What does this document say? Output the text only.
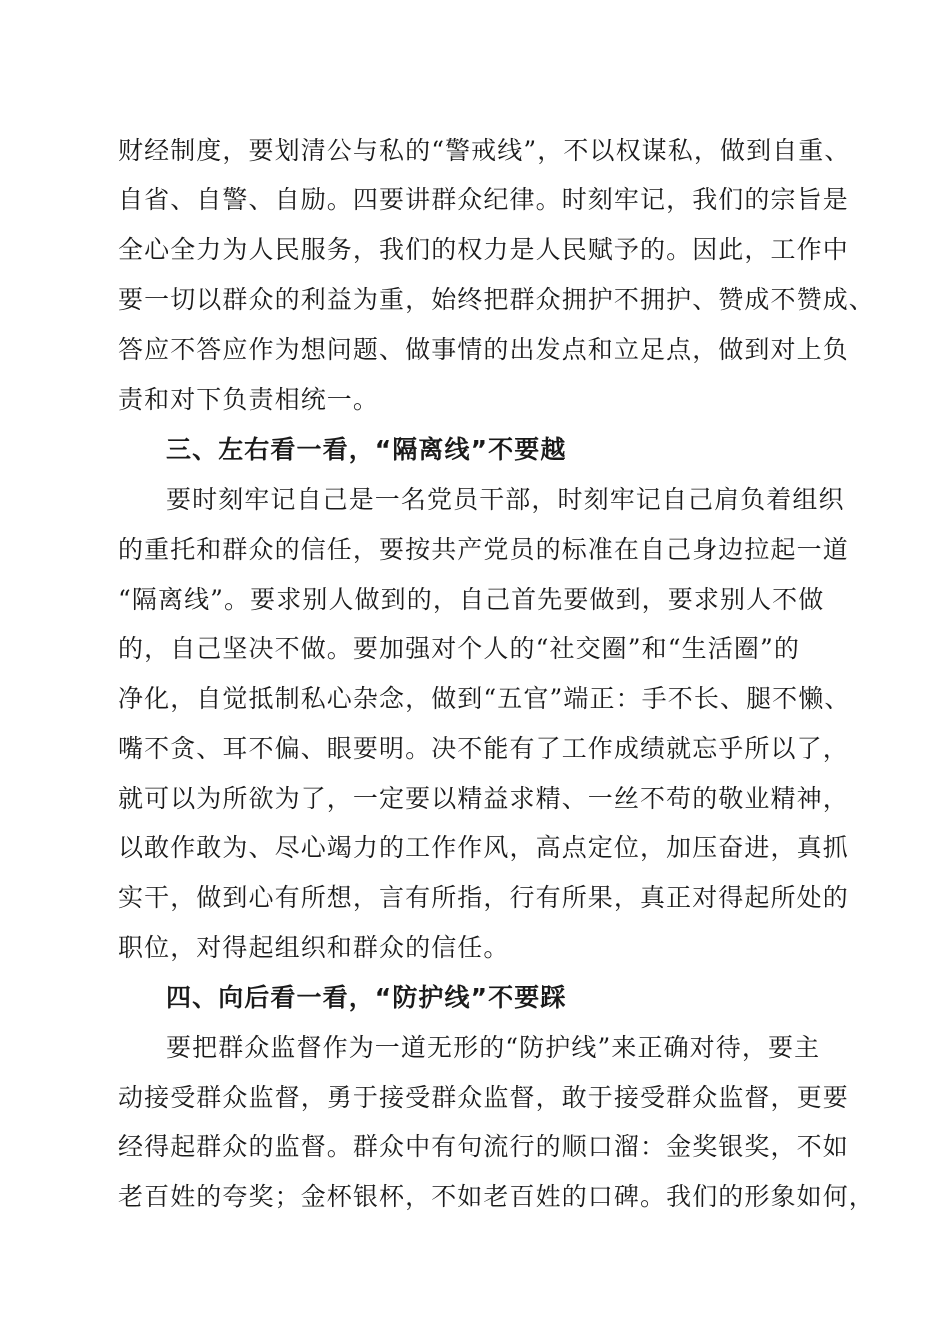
财经制度，要划清公与私的“警戒线”，不以权谋私，做到自重、
自省、自警、自励。四要讲群众纪律。时刻牢记，我们的宗旨是
全心全力为人民服务，我们的权力是人民赋予的。因此，工作中
要一切以群众的利益为重，始终把群众拥护不拥护、赞成不赞成、
答应不答应作为想问题、做事情的出发点和立足点，做到对上负
责和对下负责相统一。
三、左右看一看，“隔离线”不要越
要时刻牢记自己是一名党员干部，时刻牢记自己肩负着组织
的重托和群众的信任，要按共产党员的标准在自己身边拉起一道
“隔离线”。要求别人做到的，自己首先要做到，要求别人不做
的，自己坚决不做。要加强对个人的“社交圈”和“生活圈”的
净化，自觉抵制私心杂念，做到“五官”端正：手不长、腿不懒、
嘴不贪、耳不偏、眼要明。决不能有了工作成绩就忘乎所以了，
就可以为所欲为了，一定要以精益求精、一丝不苟的敬业精神，
以敢作敢为、尽心竭力的工作作风，高点定位，加压奋进，真抓
实干，做到心有所想，言有所指，行有所果，真正对得起所处的
职位，对得起组织和群众的信任。
四、向后看一看，“防护线”不要踩
要把群众监督作为一道无形的“防护线”来正确对待，要主
动接受群众监督，勇于接受群众监督，敢于接受群众监督，更要
经得起群众的监督。群众中有句流行的顺口溜：金奖银奖，不如
老百姓的夸奖；金杯银杯，不如老百姓的口碑。我们的形象如何，
